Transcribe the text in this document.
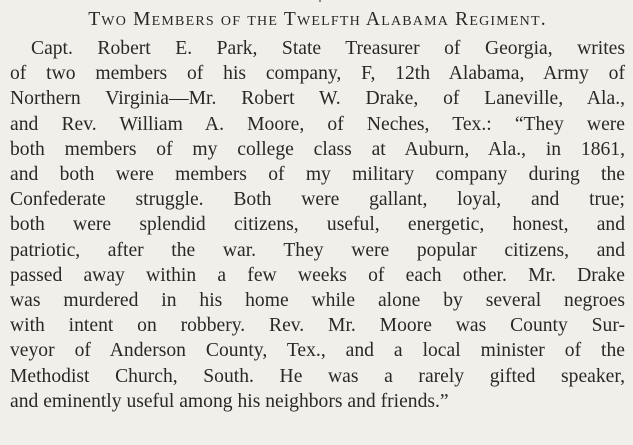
Two Members of the Twelfth Alabama Regiment.

Capt. Robert E. Park, State Treasurer of Georgia, writes
of two members of his company, F, 12th Alabama, Army of
Northern Virginia—Mr. Robert W. Drake, of Laneville, Ala.,
and Rev. William A. Moore, of Neches, Tex.: “They were
both members of my college class at Auburn, Ala., in 1861,
and both were members of my military company during the
Confederate struggle. Both were gallant, loyal, and true;
both were splendid citizens, useful, energetic, honest, and
patriotic, after the war. They were popular citizens, and
passed away within a few weeks of each other. Mr. Drake
was murdered in his home while alone by several negroes
with intent on robbery. Rev. Mr. Moore was County Sur-
veyor of Anderson County, Tex., and a local minister of the
Methodist Church, South. He was a rarely gifted speaker,
and eminently useful among his neighbors and friends.”
